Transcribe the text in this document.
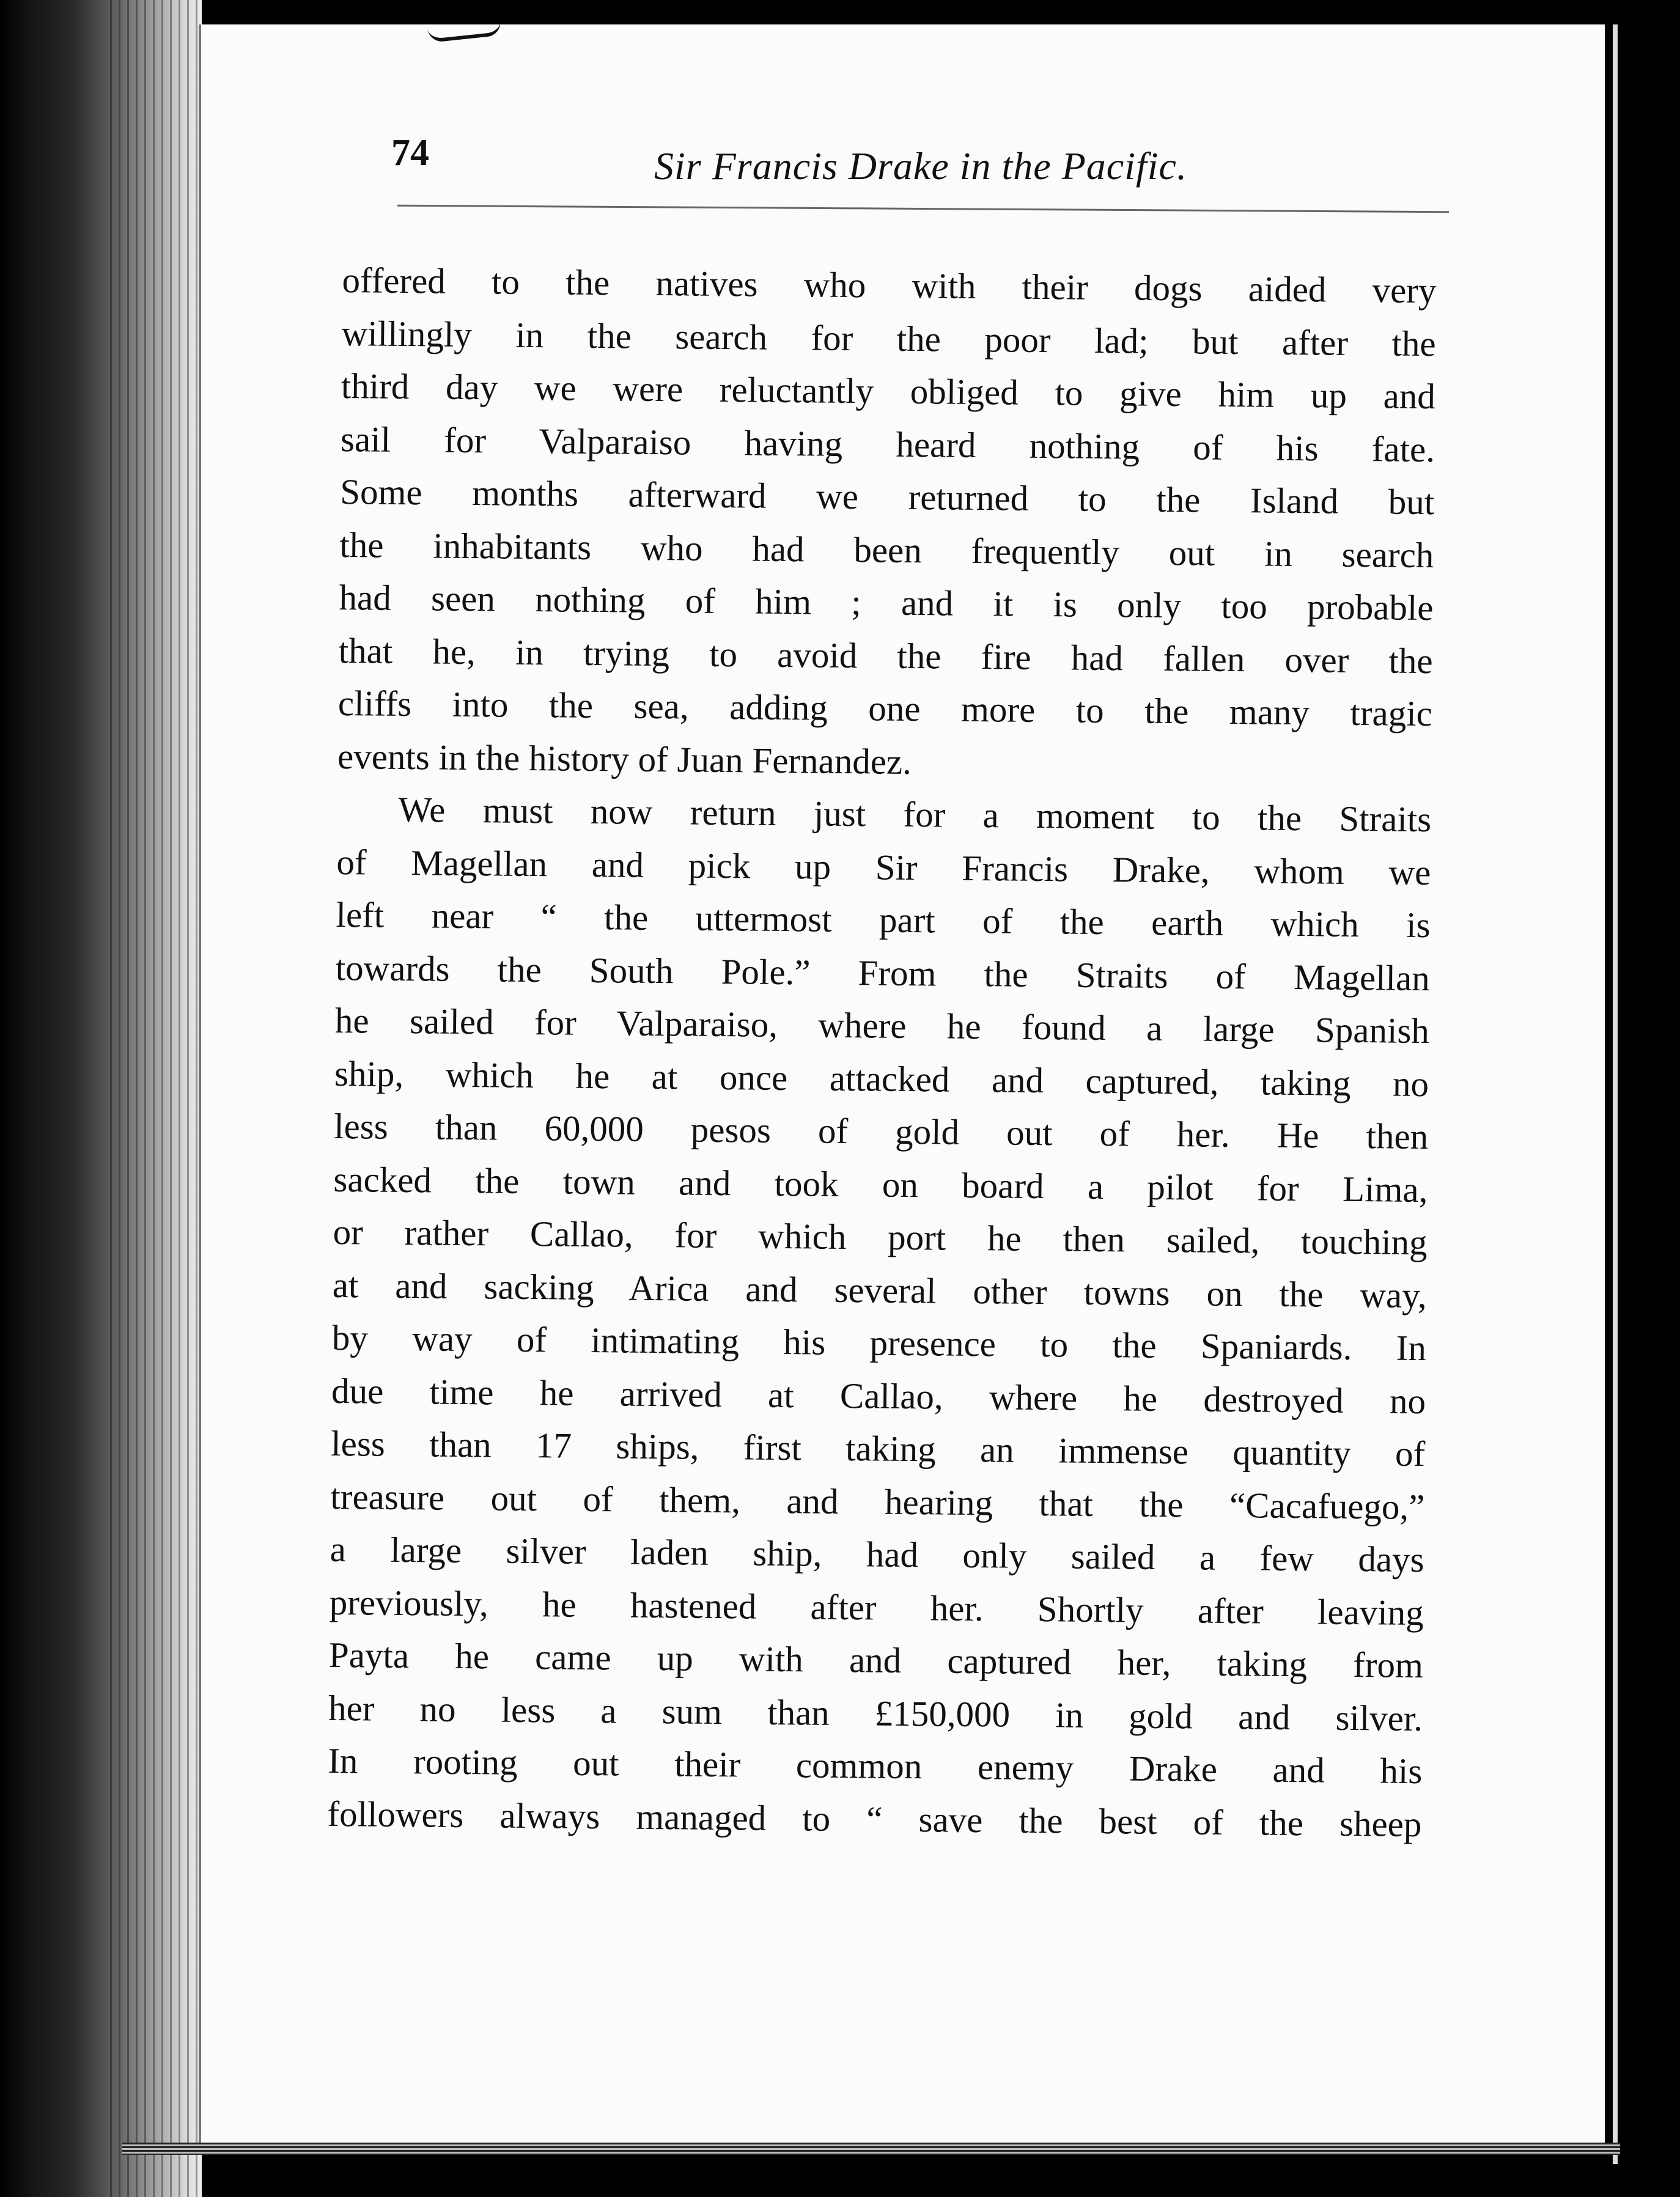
74	Sir Francis Drake in the Pacific.
offered to the natives who with their dogs aided very
willingly in the search for the poor lad; but after the
third day we were reluctantly obliged to give him up and
sail for Valparaiso having heard nothing of his fate.
Some months afterward we returned to the Island but
the inhabitants who had been frequently out in search
had seen nothing of him ; and it is only too probable
that he, in trying to avoid the fire had fallen over the
cliffs into the sea, adding one more to the many tragic
events in the history of Juan Fernandez.
We must now return just for a moment to the Straits
of Magellan and pick up Sir Francis Drake, whom we
left near “ the uttermost part of the earth which is
towards the South Pole.” From the Straits of Magellan
he sailed for Valparaiso, where he found a large Spanish
ship, which he at once attacked and captured, taking no
less than 60,000 pesos of gold out of her. He then
sacked the town and took on board a pilot for Lima,
or rather Callao, for which port he then sailed, touching
at and sacking Arica and several other towns on the way,
by way of intimating his presence to the Spaniards. In
due time he arrived at Callao, where he destroyed no
less than 17 ships, first taking an immense quantity of
treasure out of them, and hearing that the “Cacafuego,”
a large silver laden ship, had only sailed a few days
previously, he hastened after her. Shortly after leaving
Payta he came up with and captured her, taking from
her no less a sum than £150,000 in gold and silver.
In rooting out their common enemy Drake and his
followers always managed to “ save the best of the sheep
